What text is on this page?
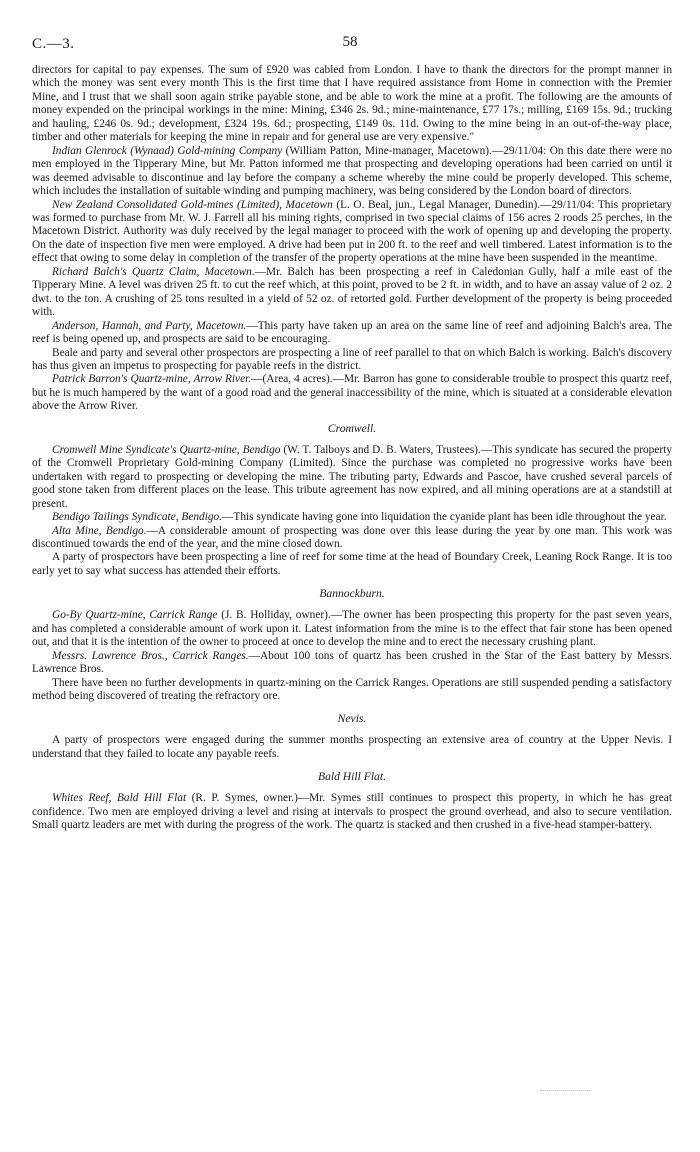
C.—3.	58

directors for capital to pay expenses. The sum of £920 was cabled from London. I have to thank the directors for the prompt manner in which the money was sent every month This is the first time that I have required assistance from Home in connection with the Premier Mine, and I trust that we shall soon again strike payable stone, and be able to work the mine at a profit. The following are the amounts of money expended on the principal workings in the mine: Mining, £346 2s. 9d.; mine-maintenance, £77 17s.; milling, £169 15s. 9d.; trucking and hauling, £246 0s. 9d.; development, £324 19s. 6d.; prospecting, £149 0s. 11d. Owing to the mine being in an out-of-the-way place, timber and other materials for keeping the mine in repair and for general use are very expensive."

Indian Glenrock (Wynaad) Gold-mining Company (William Patton, Mine-manager, Macetown).—29/11/04: On this date there were no men employed in the Tipperary Mine, but Mr. Patton informed me that prospecting and developing operations had been carried on until it was deemed advisable to discontinue and lay before the company a scheme whereby the mine could be properly developed. This scheme, which includes the installation of suitable winding and pumping machinery, was being considered by the London board of directors.

New Zealand Consolidated Gold-mines (Limited), Macetown (L. O. Beal, jun., Legal Manager, Dunedin).—29/11/04: This proprietary was formed to purchase from Mr. W. J. Farrell all his mining rights, comprised in two special claims of 156 acres 2 roods 25 perches, in the Macetown District. Authority was duly received by the legal manager to proceed with the work of opening up and developing the property. On the date of inspection five men were employed. A drive had been put in 200 ft. to the reef and well timbered. Latest information is to the effect that owing to some delay in completion of the transfer of the property operations at the mine have been suspended in the meantime.

Richard Balch's Quartz Claim, Macetown.—Mr. Balch has been prospecting a reef in Caledonian Gully, half a mile east of the Tipperary Mine. A level was driven 25 ft. to cut the reef which, at this point, proved to be 2 ft. in width, and to have an assay value of 2 oz. 2 dwt. to the ton. A crushing of 25 tons resulted in a yield of 52 oz. of retorted gold. Further development of the property is being proceeded with.

Anderson, Hannah, and Party, Macetown.—This party have taken up an area on the same line of reef and adjoining Balch's area. The reef is being opened up, and prospects are said to be encouraging.

Beale and party and several other prospectors are prospecting a line of reef parallel to that on which Balch is working. Balch's discovery has thus given an impetus to prospecting for payable reefs in the district.

Patrick Barron's Quartz-mine, Arrow River.—(Area, 4 acres).—Mr. Barron has gone to considerable trouble to prospect this quartz reef, but he is much hampered by the want of a good road and the general inaccessibility of the mine, which is situated at a considerable elevation above the Arrow River.

Cromwell.

Cromwell Mine Syndicate's Quartz-mine, Bendigo (W. T. Talboys and D. B. Waters, Trustees).—This syndicate has secured the property of the Cromwell Proprietary Gold-mining Company (Limited). Since the purchase was completed no progressive works have been undertaken with regard to prospecting or developing the mine. The tributing party, Edwards and Pascoe, have crushed several parcels of good stone taken from different places on the lease. This tribute agreement has now expired, and all mining operations are at a standstill at present.

Bendigo Tailings Syndicate, Bendigo.—This syndicate having gone into liquidation the cyanide plant has been idle throughout the year.

Alta Mine, Bendigo.—A considerable amount of prospecting was done over this lease during the year by one man. This work was discontinued towards the end of the year, and the mine closed down.

A party of prospectors have been prospecting a line of reef for some time at the head of Boundary Creek, Leaning Rock Range. It is too early yet to say what success has attended their efforts.

Bannockburn.

Go-By Quartz-mine, Carrick Range (J. B. Holliday, owner).—The owner has been prospecting this property for the past seven years, and has completed a considerable amount of work upon it. Latest information from the mine is to the effect that fair stone has been opened out, and that it is the intention of the owner to proceed at once to develop the mine and to erect the necessary crushing plant.

Messrs. Lawrence Bros., Carrick Ranges.—About 100 tons of quartz has been crushed in the Star of the East battery by Messrs. Lawrence Bros.

There have been no further developments in quartz-mining on the Carrick Ranges. Operations are still suspended pending a satisfactory method being discovered of treating the refractory ore.

Nevis.

A party of prospectors were engaged during the summer months prospecting an extensive area of country at the Upper Nevis. I understand that they failed to locate any payable reefs.

Bald Hill Flat.

Whites Reef, Bald Hill Flat (R. P. Symes, owner.)—Mr. Symes still continues to prospect this property, in which he has great confidence. Two men are employed driving a level and rising at intervals to prospect the ground overhead, and also to secure ventilation. Small quartz leaders are met with during the progress of the work. The quartz is stacked and then crushed in a five-head stamper-battery.
